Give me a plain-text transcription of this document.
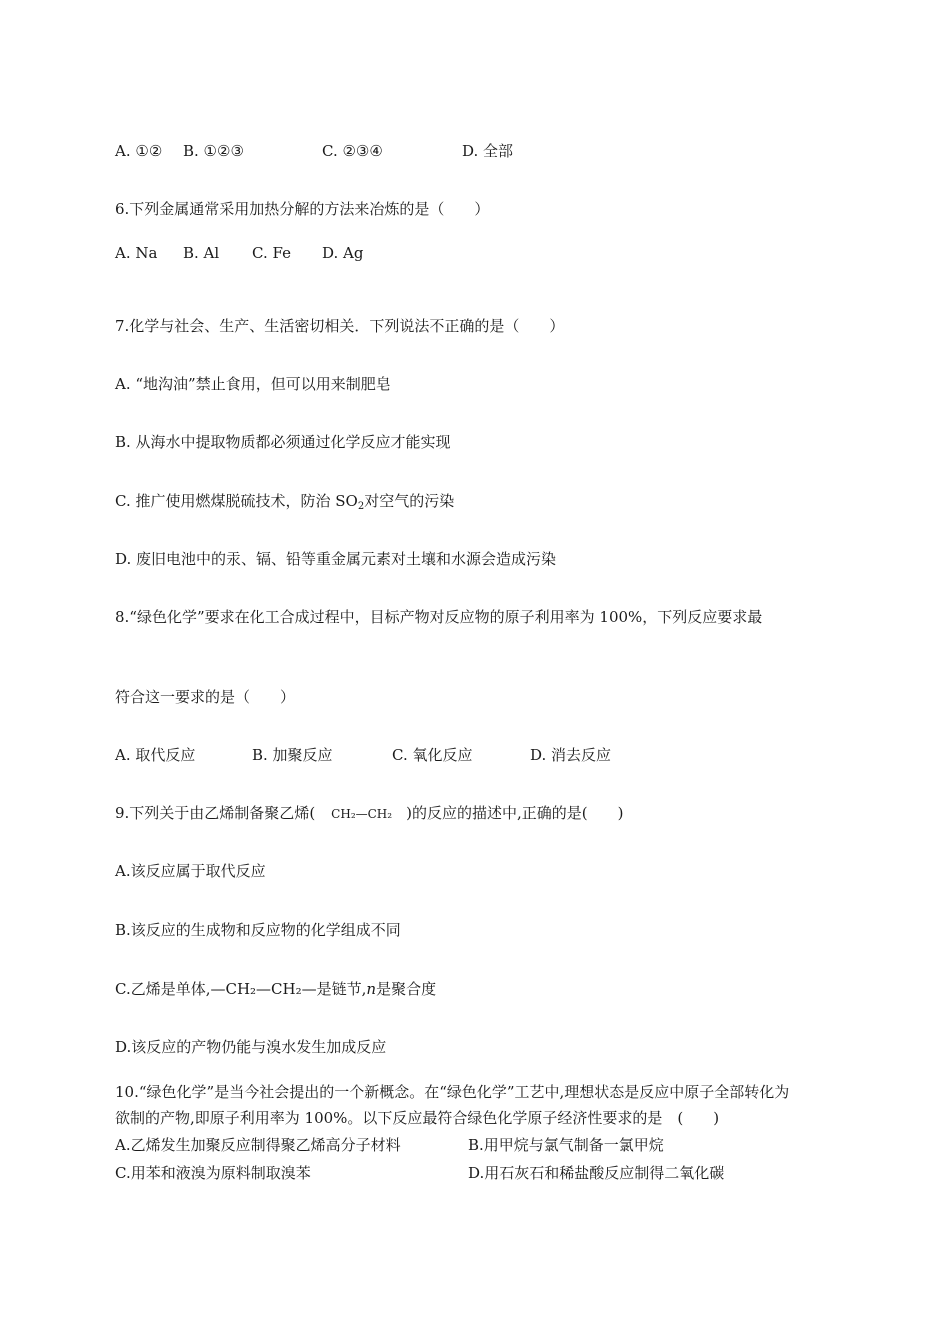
A. ①② B. ①②③	C. ②③④	D. 全部
6.下列金属通常采用加热分解的方法来冶炼的是（　　）
A. Na B. Al C. Fe D. Ag
7.化学与社会、生产、生活密切相关．下列说法不正确的是（　　）
A. “地沟油”禁止食用，但可以用来制肥皂
B. 从海水中提取物质都必须通过化学反应才能实现
C. 推广使用燃煤脱硫技术，防治 $SO_2$对空气的污染
D. 废旧电池中的汞、镉、铅等重金属元素对土壤和水源会造成污染
8.“绿色化学”要求在化工合成过程中，目标产物对反应物的原子利用率为 100%，下列反应要求最
符合这一要求的是（　　）
A. 取代反应	B. 加聚反应	C. 氧化反应	D. 消去反应
9.下列关于由乙烯制备聚乙烯( CH₂—CH₂ )的反应的描述中,正确的是(　　)
A.该反应属于取代反应
B.该反应的生成物和反应物的化学组成不同
C.乙烯是单体,—CH₂—CH₂—是链节,n是聚合度
D.该反应的产物仍能与溴水发生加成反应
10.“绿色化学”是当今社会提出的一个新概念。在“绿色化学”工艺中,理想状态是反应中原子全部转化为
欲制的产物,即原子利用率为 100%。以下反应最符合绿色化学原子经济性要求的是　(　　)
A.乙烯发生加聚反应制得聚乙烯高分子材料	B.用甲烷与氯气制备一氯甲烷
C.用苯和液溴为原料制取溴苯	D.用石灰石和稀盐酸反应制得二氧化碳
